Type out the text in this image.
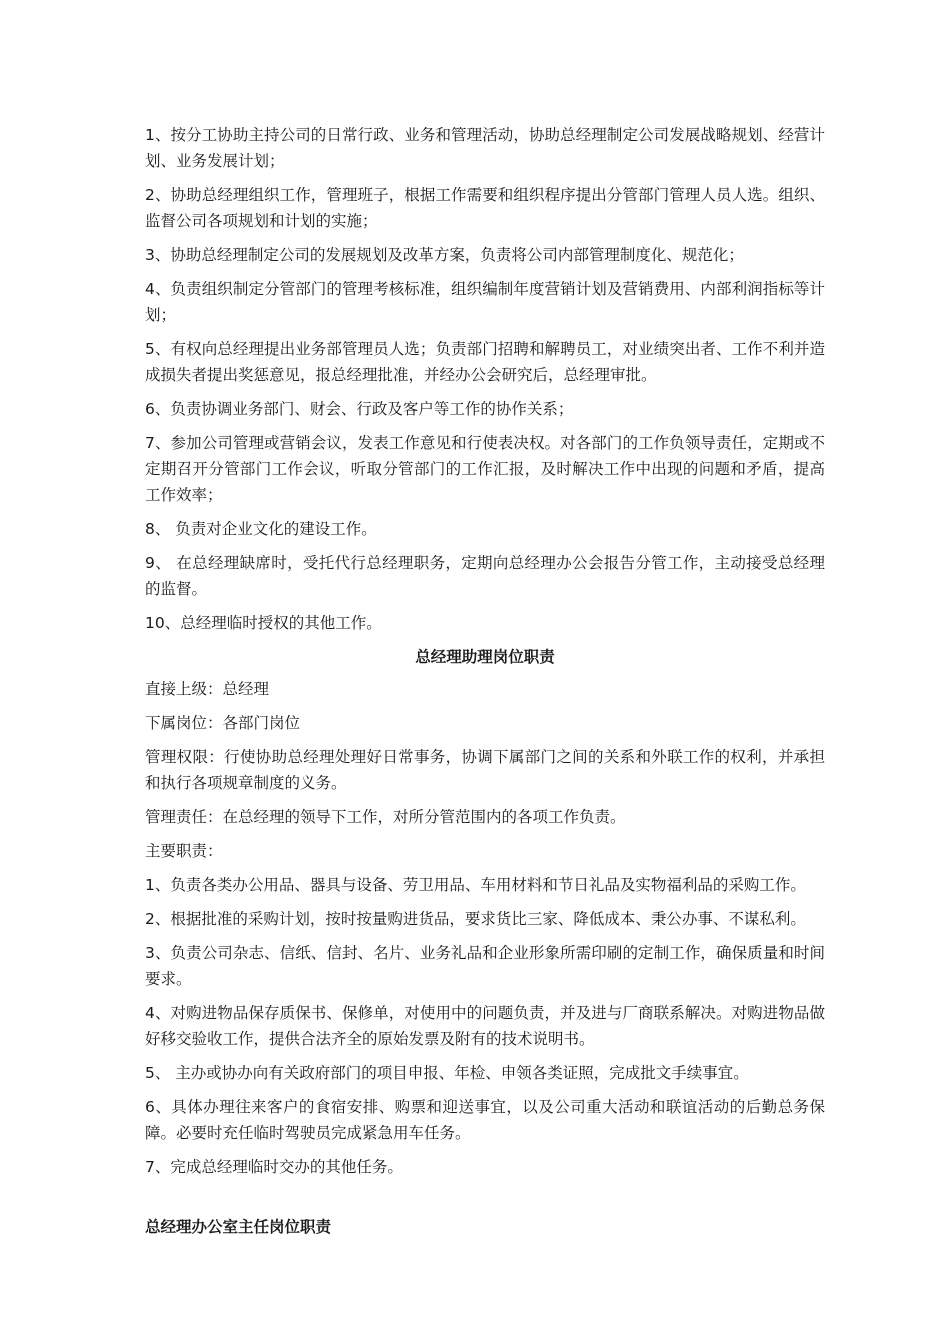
1、按分工协助主持公司的日常行政、业务和管理活动，协助总经理制定公司发展战略规划、经营计划、业务发展计划；

2、协助总经理组织工作，管理班子，根据工作需要和组织程序提出分管部门管理人员人选。组织、监督公司各项规划和计划的实施；

3、协助总经理制定公司的发展规划及改革方案，负责将公司内部管理制度化、规范化；

4、负责组织制定分管部门的管理考核标准，组织编制年度营销计划及营销费用、内部利润指标等计划；

5、有权向总经理提出业务部管理员人选；负责部门招聘和解聘员工，对业绩突出者、工作不利并造成损失者提出奖惩意见，报总经理批准，并经办公会研究后，总经理审批。

6、负责协调业务部门、财会、行政及客户等工作的协作关系；

7、参加公司管理或营销会议，发表工作意见和行使表决权。对各部门的工作负领导责任，定期或不定期召开分管部门工作会议，听取分管部门的工作汇报，及时解决工作中出现的问题和矛盾，提高工作效率；

8、 负责对企业文化的建设工作。

9、 在总经理缺席时，受托代行总经理职务，定期向总经理办公会报告分管工作，主动接受总经理的监督。

10、总经理临时授权的其他工作。

总经理助理岗位职责

直接上级：总经理

下属岗位：各部门岗位

管理权限：行使协助总经理处理好日常事务，协调下属部门之间的关系和外联工作的权利，并承担和执行各项规章制度的义务。

管理责任：在总经理的领导下工作，对所分管范围内的各项工作负责。

主要职责：

1、负责各类办公用品、器具与设备、劳卫用品、车用材料和节日礼品及实物福利品的采购工作。

2、根据批准的采购计划，按时按量购进货品，要求货比三家、降低成本、秉公办事、不谋私利。

3、负责公司杂志、信纸、信封、名片、业务礼品和企业形象所需印刷的定制工作，确保质量和时间要求。

4、对购进物品保存质保书、保修单，对使用中的问题负责，并及进与厂商联系解决。对购进物品做好移交验收工作，提供合法齐全的原始发票及附有的技术说明书。

5、 主办或协办向有关政府部门的项目申报、年检、申领各类证照，完成批文手续事宜。

6、具体办理往来客户的食宿安排、购票和迎送事宜，以及公司重大活动和联谊活动的后勤总务保障。必要时充任临时驾驶员完成紧急用车任务。

7、完成总经理临时交办的其他任务。

总经理办公室主任岗位职责
